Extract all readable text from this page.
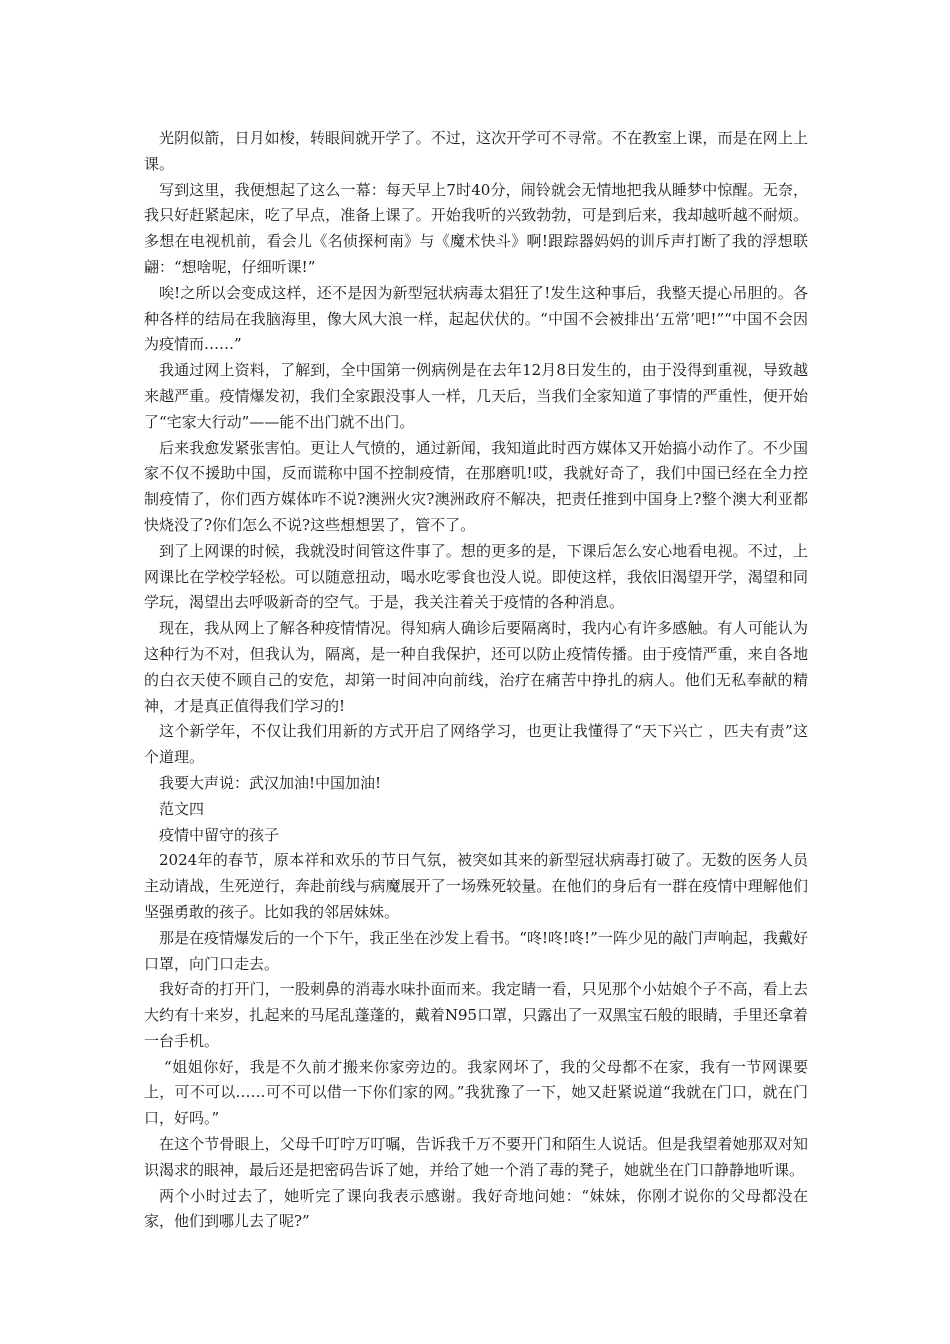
光阴似箭，日月如梭，转眼间就开学了。不过，这次开学可不寻常。不在教室上课，而是在网上上课。

写到这里，我便想起了这么一幕：每天早上7时40分，闹铃就会无情地把我从睡梦中惊醒。无奈，我只好赶紧起床，吃了早点，准备上课了。开始我听的兴致勃勃，可是到后来，我却越听越不耐烦。多想在电视机前，看会儿《名侦探柯南》与《魔术快斗》啊!跟踪器妈妈的训斥声打断了我的浮想联翩：“想啥呢，仔细听课!”

唉!之所以会变成这样，还不是因为新型冠状病毒太猖狂了!发生这种事后，我整天提心吊胆的。各种各样的结局在我脑海里，像大风大浪一样，起起伏伏的。“中国不会被排出‘五常’吧!”“中国不会因为疫情而……”

我通过网上资料，了解到，全中国第一例病例是在去年12月8日发生的，由于没得到重视，导致越来越严重。疫情爆发初，我们全家跟没事人一样，几天后，当我们全家知道了事情的严重性，便开始了“宅家大行动”——能不出门就不出门。

后来我愈发紧张害怕。更让人气愤的，通过新闻，我知道此时西方媒体又开始搞小动作了。不少国家不仅不援助中国，反而谎称中国不控制疫情，在那磨叽!哎，我就好奇了，我们中国已经在全力控制疫情了，你们西方媒体咋不说?澳洲火灾?澳洲政府不解决，把责任推到中国身上?整个澳大利亚都快烧没了?你们怎么不说?这些想想罢了，管不了。

到了上网课的时候，我就没时间管这件事了。想的更多的是，下课后怎么安心地看电视。不过，上网课比在学校学轻松。可以随意扭动，喝水吃零食也没人说。即使这样，我依旧渴望开学，渴望和同学玩，渴望出去呼吸新奇的空气。于是，我关注着关于疫情的各种消息。

现在，我从网上了解各种疫情情况。得知病人确诊后要隔离时，我内心有许多感触。有人可能认为这种行为不对，但我认为，隔离，是一种自我保护，还可以防止疫情传播。由于疫情严重，来自各地的白衣天使不顾自己的安危，却第一时间冲向前线，治疗在痛苦中挣扎的病人。他们无私奉献的精神，才是真正值得我们学习的!

这个新学年，不仅让我们用新的方式开启了网络学习，也更让我懂得了“天下兴亡 ，匹夫有责”这个道理。

我要大声说：武汉加油!中国加油!

范文四

疫情中留守的孩子

2024年的春节，原本祥和欢乐的节日气氛，被突如其来的新型冠状病毒打破了。无数的医务人员主动请战，生死逆行，奔赴前线与病魔展开了一场殊死较量。在他们的身后有一群在疫情中理解他们坚强勇敢的孩子。比如我的邻居妹妹。

那是在疫情爆发后的一个下午，我正坐在沙发上看书。“咚!咚!咚!”一阵少见的敲门声响起，我戴好口罩，向门口走去。

我好奇的打开门，一股刺鼻的消毒水味扑面而来。我定睛一看，只见那个小姑娘个子不高，看上去大约有十来岁，扎起来的马尾乱蓬蓬的，戴着N95口罩，只露出了一双黑宝石般的眼睛，手里还拿着一台手机。

“姐姐你好，我是不久前才搬来你家旁边的。我家网坏了，我的父母都不在家，我有一节网课要上，可不可以……可不可以借一下你们家的网。”我犹豫了一下，她又赶紧说道“我就在门口，就在门口，好吗。”

在这个节骨眼上，父母千叮咛万叮嘱，告诉我千万不要开门和陌生人说话。但是我望着她那双对知识渴求的眼神，最后还是把密码告诉了她，并给了她一个消了毒的凳子，她就坐在门口静静地听课。

两个小时过去了，她听完了课向我表示感谢。我好奇地问她：“妹妹，你刚才说你的父母都没在家，他们到哪儿去了呢?”
